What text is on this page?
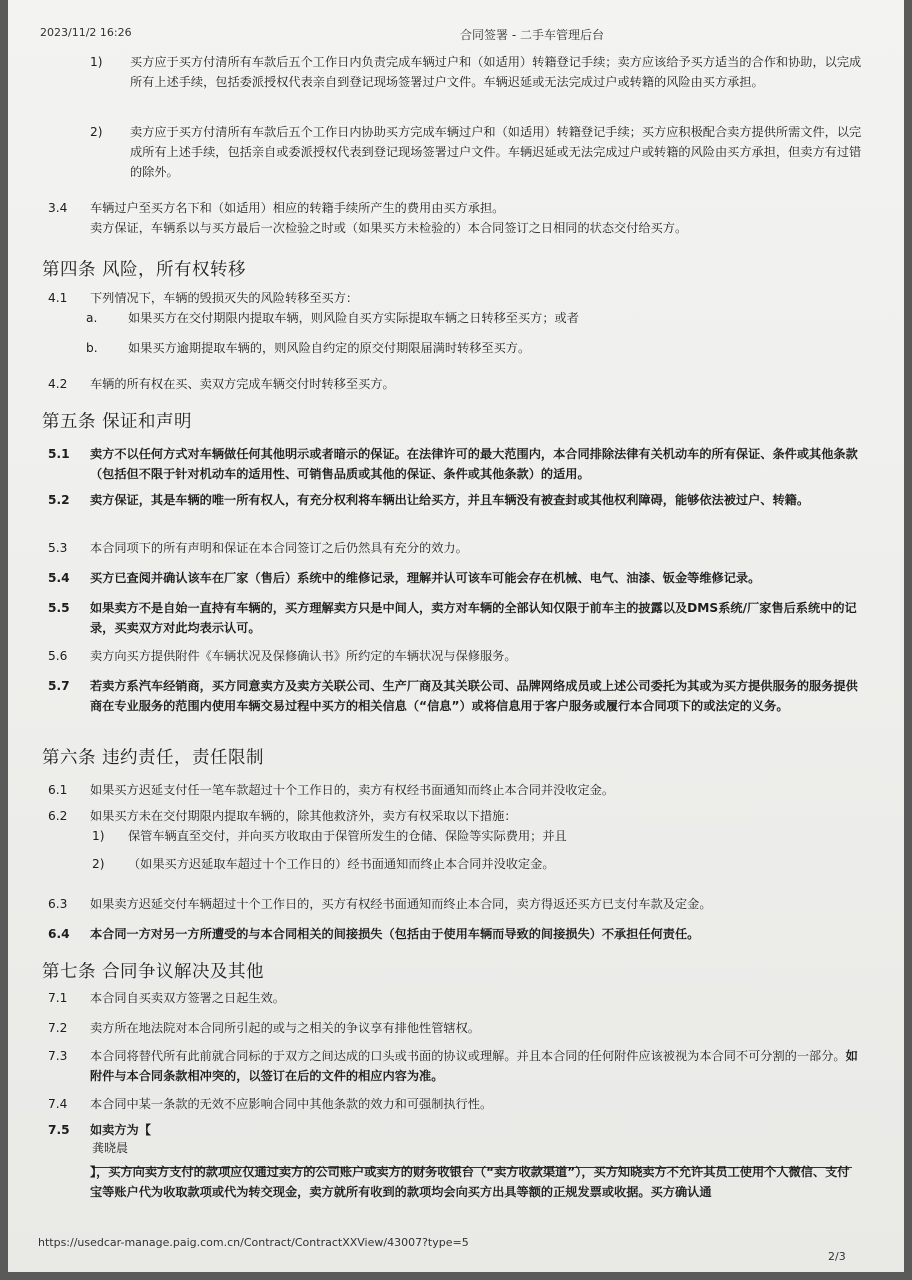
2023/11/2 16:26	合同签署 - 二手车管理后台
1) 买方应于买方付清所有车款后五个工作日内负责完成车辆过户和（如适用）转籍登记手续；卖方应该给予买方适当的合作和协助，以完成所有上述手续，包括委派授权代表亲自到登记现场签署过户文件。车辆迟延或无法完成过户或转籍的风险由买方承担。
2) 卖方应于买方付清所有车款后五个工作日内协助买方完成车辆过户和（如适用）转籍登记手续；买方应积极配合卖方提供所需文件，以完成所有上述手续，包括亲自或委派授权代表到登记现场签署过户文件。车辆迟延或无法完成过户或转籍的风险由买方承担，但卖方有过错的除外。
3.4 车辆过户至买方名下和（如适用）相应的转籍手续所产生的费用由买方承担。
卖方保证，车辆系以与买方最后一次检验之时或（如果买方未检验的）本合同签订之日相同的状态交付给买方。
第四条 风险，所有权转移
4.1 下列情况下，车辆的毁损灭失的风险转移至买方：
a.	如果买方在交付期限内提取车辆，则风险自买方实际提取车辆之日转移至买方；或者
b. 如果买方逾期提取车辆的，则风险自约定的原交付期限届满时转移至买方。
4.2 车辆的所有权在买、卖双方完成车辆交付时转移至买方。
第五条 保证和声明
5.1 卖方不以任何方式对车辆做任何其他明示或者暗示的保证。在法律许可的最大范围内，本合同排除法律有关机动车的所有保证、条件或其他条款（包括但不限于针对机动车的适用性、可销售品质或其他的保证、条件或其他条款）的适用。
5.2 卖方保证，其是车辆的唯一所有权人，有充分权利将车辆出让给买方，并且车辆没有被查封或其他权利障碍，能够依法被过户、转籍。
5.3 本合同项下的所有声明和保证在本合同签订之后仍然具有充分的效力。
5.4 买方已查阅并确认该车在厂家（售后）系统中的维修记录，理解并认可该车可能会存在机械、电气、油漆、钣金等维修记录。
5.5 如果卖方不是自始一直持有车辆的，买方理解卖方只是中间人，卖方对车辆的全部认知仅限于前车主的披露以及DMS系统/厂家售后系统中的记录，买卖双方对此均表示认可。
5.6 卖方向买方提供附件《车辆状况及保修确认书》所约定的车辆状况与保修服务。
5.7 若卖方系汽车经销商，买方同意卖方及卖方关联公司、生产厂商及其关联公司、品牌网络成员或上述公司委托为其或为买方提供服务的服务提供商在专业服务的范围内使用车辆交易过程中买方的相关信息（“信息”）或将信息用于客户服务或履行本合同项下的或法定的义务。
第六条 违约责任，责任限制
6.1 如果买方迟延支付任一笔车款超过十个工作日的，卖方有权经书面通知而终止本合同并没收定金。
6.2 如果买方未在交付期限内提取车辆的，除其他救济外，卖方有权采取以下措施：
1) 保管车辆直至交付，并向买方收取由于保管所发生的仓储、保险等实际费用；并且
2) （如果买方迟延取车超过十个工作日的）经书面通知而终止本合同并没收定金。
6.3 如果卖方迟延交付车辆超过十个工作日的，买方有权经书面通知而终止本合同，卖方得返还买方已支付车款及定金。
6.4 本合同一方对另一方所遭受的与本合同相关的间接损失（包括由于使用车辆而导致的间接损失）不承担任何责任。
第七条 合同争议解决及其他
7.1 本合同自买卖双方签署之日起生效。
7.2 卖方所在地法院对本合同所引起的或与之相关的争议享有排他性管辖权。
7.3 本合同将替代所有此前就合同标的于双方之间达成的口头或书面的协议或理解。并且本合同的任何附件应该被视为本合同不可分割的一部分。如附件与本合同条款相冲突的，以签订在后的文件的相应内容为准。
7.4 本合同中某一条款的无效不应影响合同中其他条款的效力和可强制执行性。
7.5 如卖方为【
龚晓晨
】，买方向卖方支付的款项应仅通过卖方的公司账户或卖方的财务收银台（“卖方收款渠道”），买方知晓卖方不允许其员工使用个人微信、支付宝等账户代为收取款项或代为转交现金，卖方就所有收到的款项均会向买方出具等额的正规发票或收据。买方确认通
https://usedcar-manage.paig.com.cn/Contract/ContractXXView/43007?type=5
2/3
